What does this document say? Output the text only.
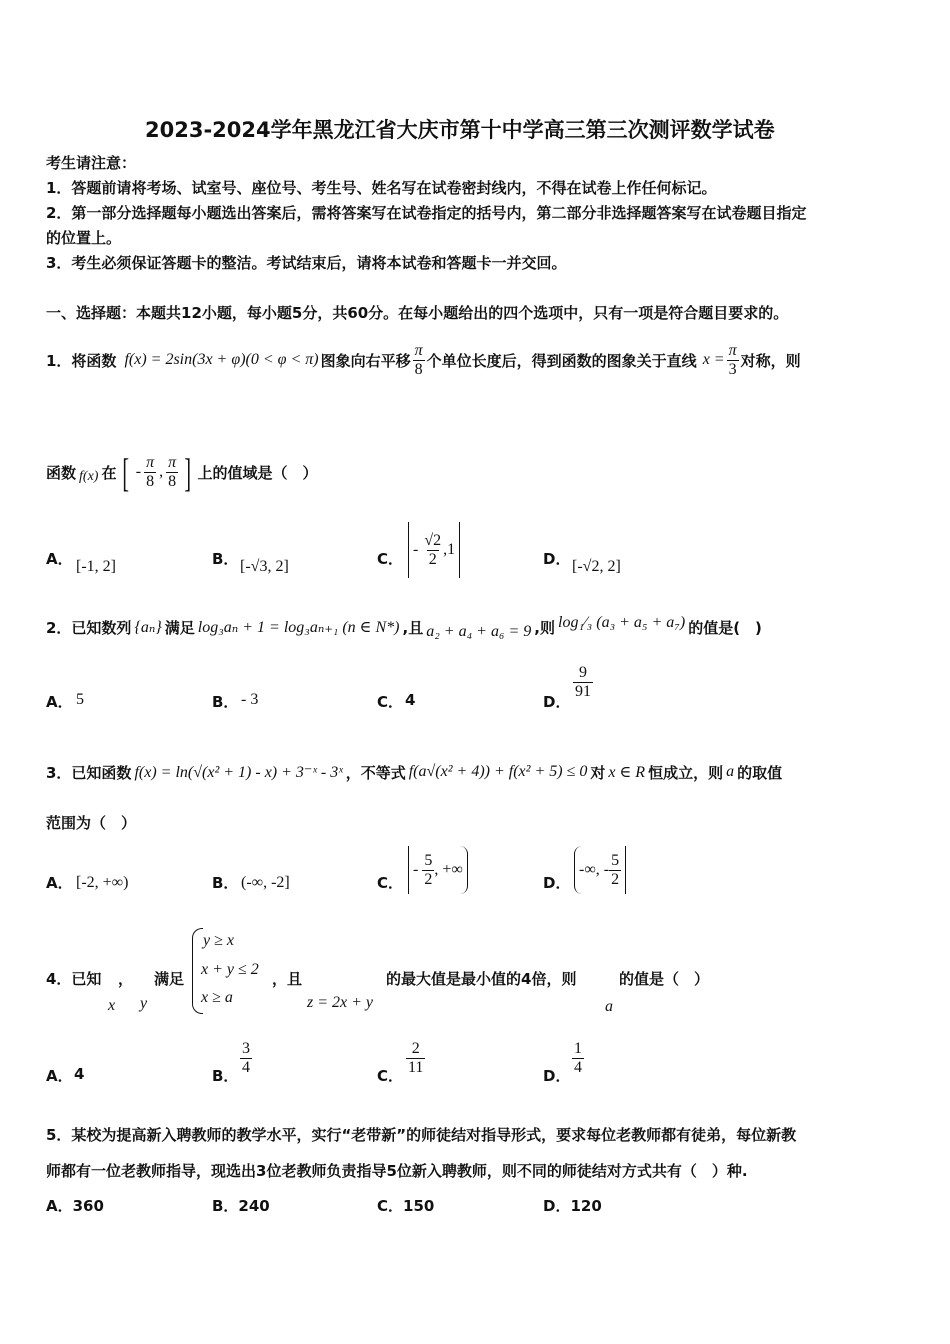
2023-2024学年黑龙江省大庆市第十中学高三第三次测评数学试卷
考生请注意：
1．答题前请将考场、试室号、座位号、考生号、姓名写在试卷密封线内，不得在试卷上作任何标记。
2．第一部分选择题每小题选出答案后，需将答案写在试卷指定的括号内，第二部分非选择题答案写在试卷题目指定
的位置上。
3．考生必须保证答题卡的整洁。考试结束后，请将本试卷和答题卡一并交回。
一、选择题：本题共12小题，每小题5分，共60分。在每小题给出的四个选项中，只有一项是符合题目要求的。
1．将函数 f(x) = 2sin(3x + φ)(0 < φ < π) 图象向右平移 $\frac{\pi}{8}$ 个单位长度后，得到函数的图象关于直线 $x = \frac{\pi}{3}$ 对称，则
函数 f(x) 在 [ - $\frac{\pi}{8}$ , $\frac{\pi}{8}$ ] 上的值域是（　）
A． [-1, 2]	B． [-√3, 2]	C．
- $\frac{√2}{2} ,1$
D． [-√2, 2]
2．已知数列 {aₙ} 满足 log₃aₙ + 1 = log₃aₙ₊₁ (n ∈ N*) ,且 a₂ + a₄ + a₆ = 9 ,则 log₁⁄₃ (a₃ + a₅ + a₇) 的值是(　)
A． 5	B． - 3	C． 4	D．
$\frac{9}{91}$
3．已知函数 f(x) = ln(√(x² + 1) - x) + 3⁻ˣ - 3ˣ ，不等式 f(a√(x² + 4)) + f(x² + 5) ≤ 0 对 x ∈ R 恒成立，则 a 的取值
范围为（　）
A． [-2, +∞)	B． (-∞, -2]	C．
- $\frac{5}{2}$ , +∞
D．
-∞, - $\frac{5}{2}$
4．已知 ， 满足
x y
y ≥ x
x + y ≤ 2
x ≥ a
，且
z = 2x + y
的最大值是最小值的4倍，则	的值是（　）
a
A． 4	B． $\frac{3}{4}$	C． $\frac{2}{11}$	D． $\frac{1}{4}$
5．某校为提高新入聘教师的教学水平，实行“老带新”的师徒结对指导形式，要求每位老教师都有徒弟，每位新教
师都有一位老教师指导，现选出3位老教师负责指导5位新入聘教师，则不同的师徒结对方式共有（　）种.
A．360	B．240	C．150	D．120
